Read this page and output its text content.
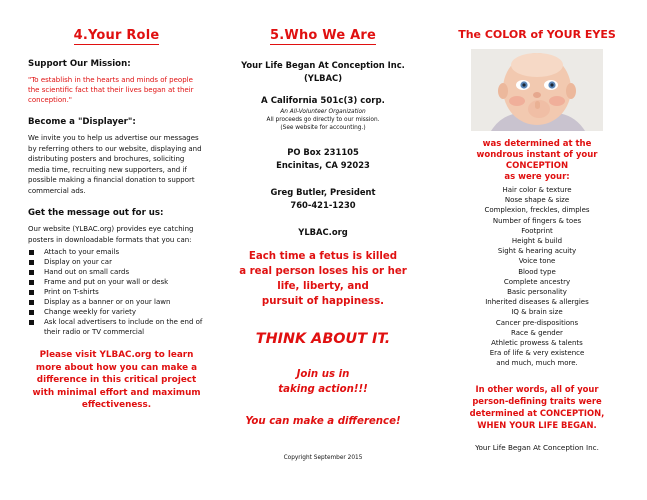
4.Your Role
Support Our Mission:
"To establish in the hearts and minds of people the scientific fact that their lives began at their conception."
Become a "Displayer":
We invite you to help us advertise our messages by referring others to our website, displaying and distributing posters and brochures, soliciting media time, recruiting new supporters, and if possible making a financial donation to support commercial ads.
Get the message out for us:
Our website (YLBAC.org) provides eye catching posters in downloadable formats that you can:
Attach to your emails
Display on your car
Hand out on small cards
Frame and put on your wall or desk
Print on T-shirts
Display as a banner or on your lawn
Change weekly for variety
Ask local advertisers to include on the end of their radio or TV commercial
Please visit YLBAC.org to learn more about how you can make a difference in this critical project with minimal effort and maximum effectiveness.
5.Who We Are
Your Life Began At Conception Inc.
(YLBAC)
A California 501c(3) corp.
An All-Volunteer Organization
All proceeds go directly to our mission.
(See website for accounting.)
PO Box 231105
Encinitas, CA 92023
Greg Butler, President
760-421-1230
YLBAC.org
Each time a fetus is killed
a real person loses his or her
life, liberty, and
pursuit of happiness.
THINK ABOUT IT.
Join us in
taking action!!!
You can make a difference!
Copyright September 2015
The COLOR of YOUR EYES
was determined at the
wondrous instant of your
CONCEPTION
as were your:
Hair color & texture
Nose shape & size
Complexion, freckles, dimples
Number of fingers & toes
Footprint
Height & build
Sight & hearing acuity
Voice tone
Blood type
Complete ancestry
Basic personality
Inherited diseases & allergies
IQ & brain size
Cancer pre-dispositions
Race & gender
Athletic prowess & talents
Era of life & very existence
and much, much more.
In other words, all of your
person-defining traits were
determined at CONCEPTION,
WHEN YOUR LIFE BEGAN.
Your Life Began At Conception Inc.
